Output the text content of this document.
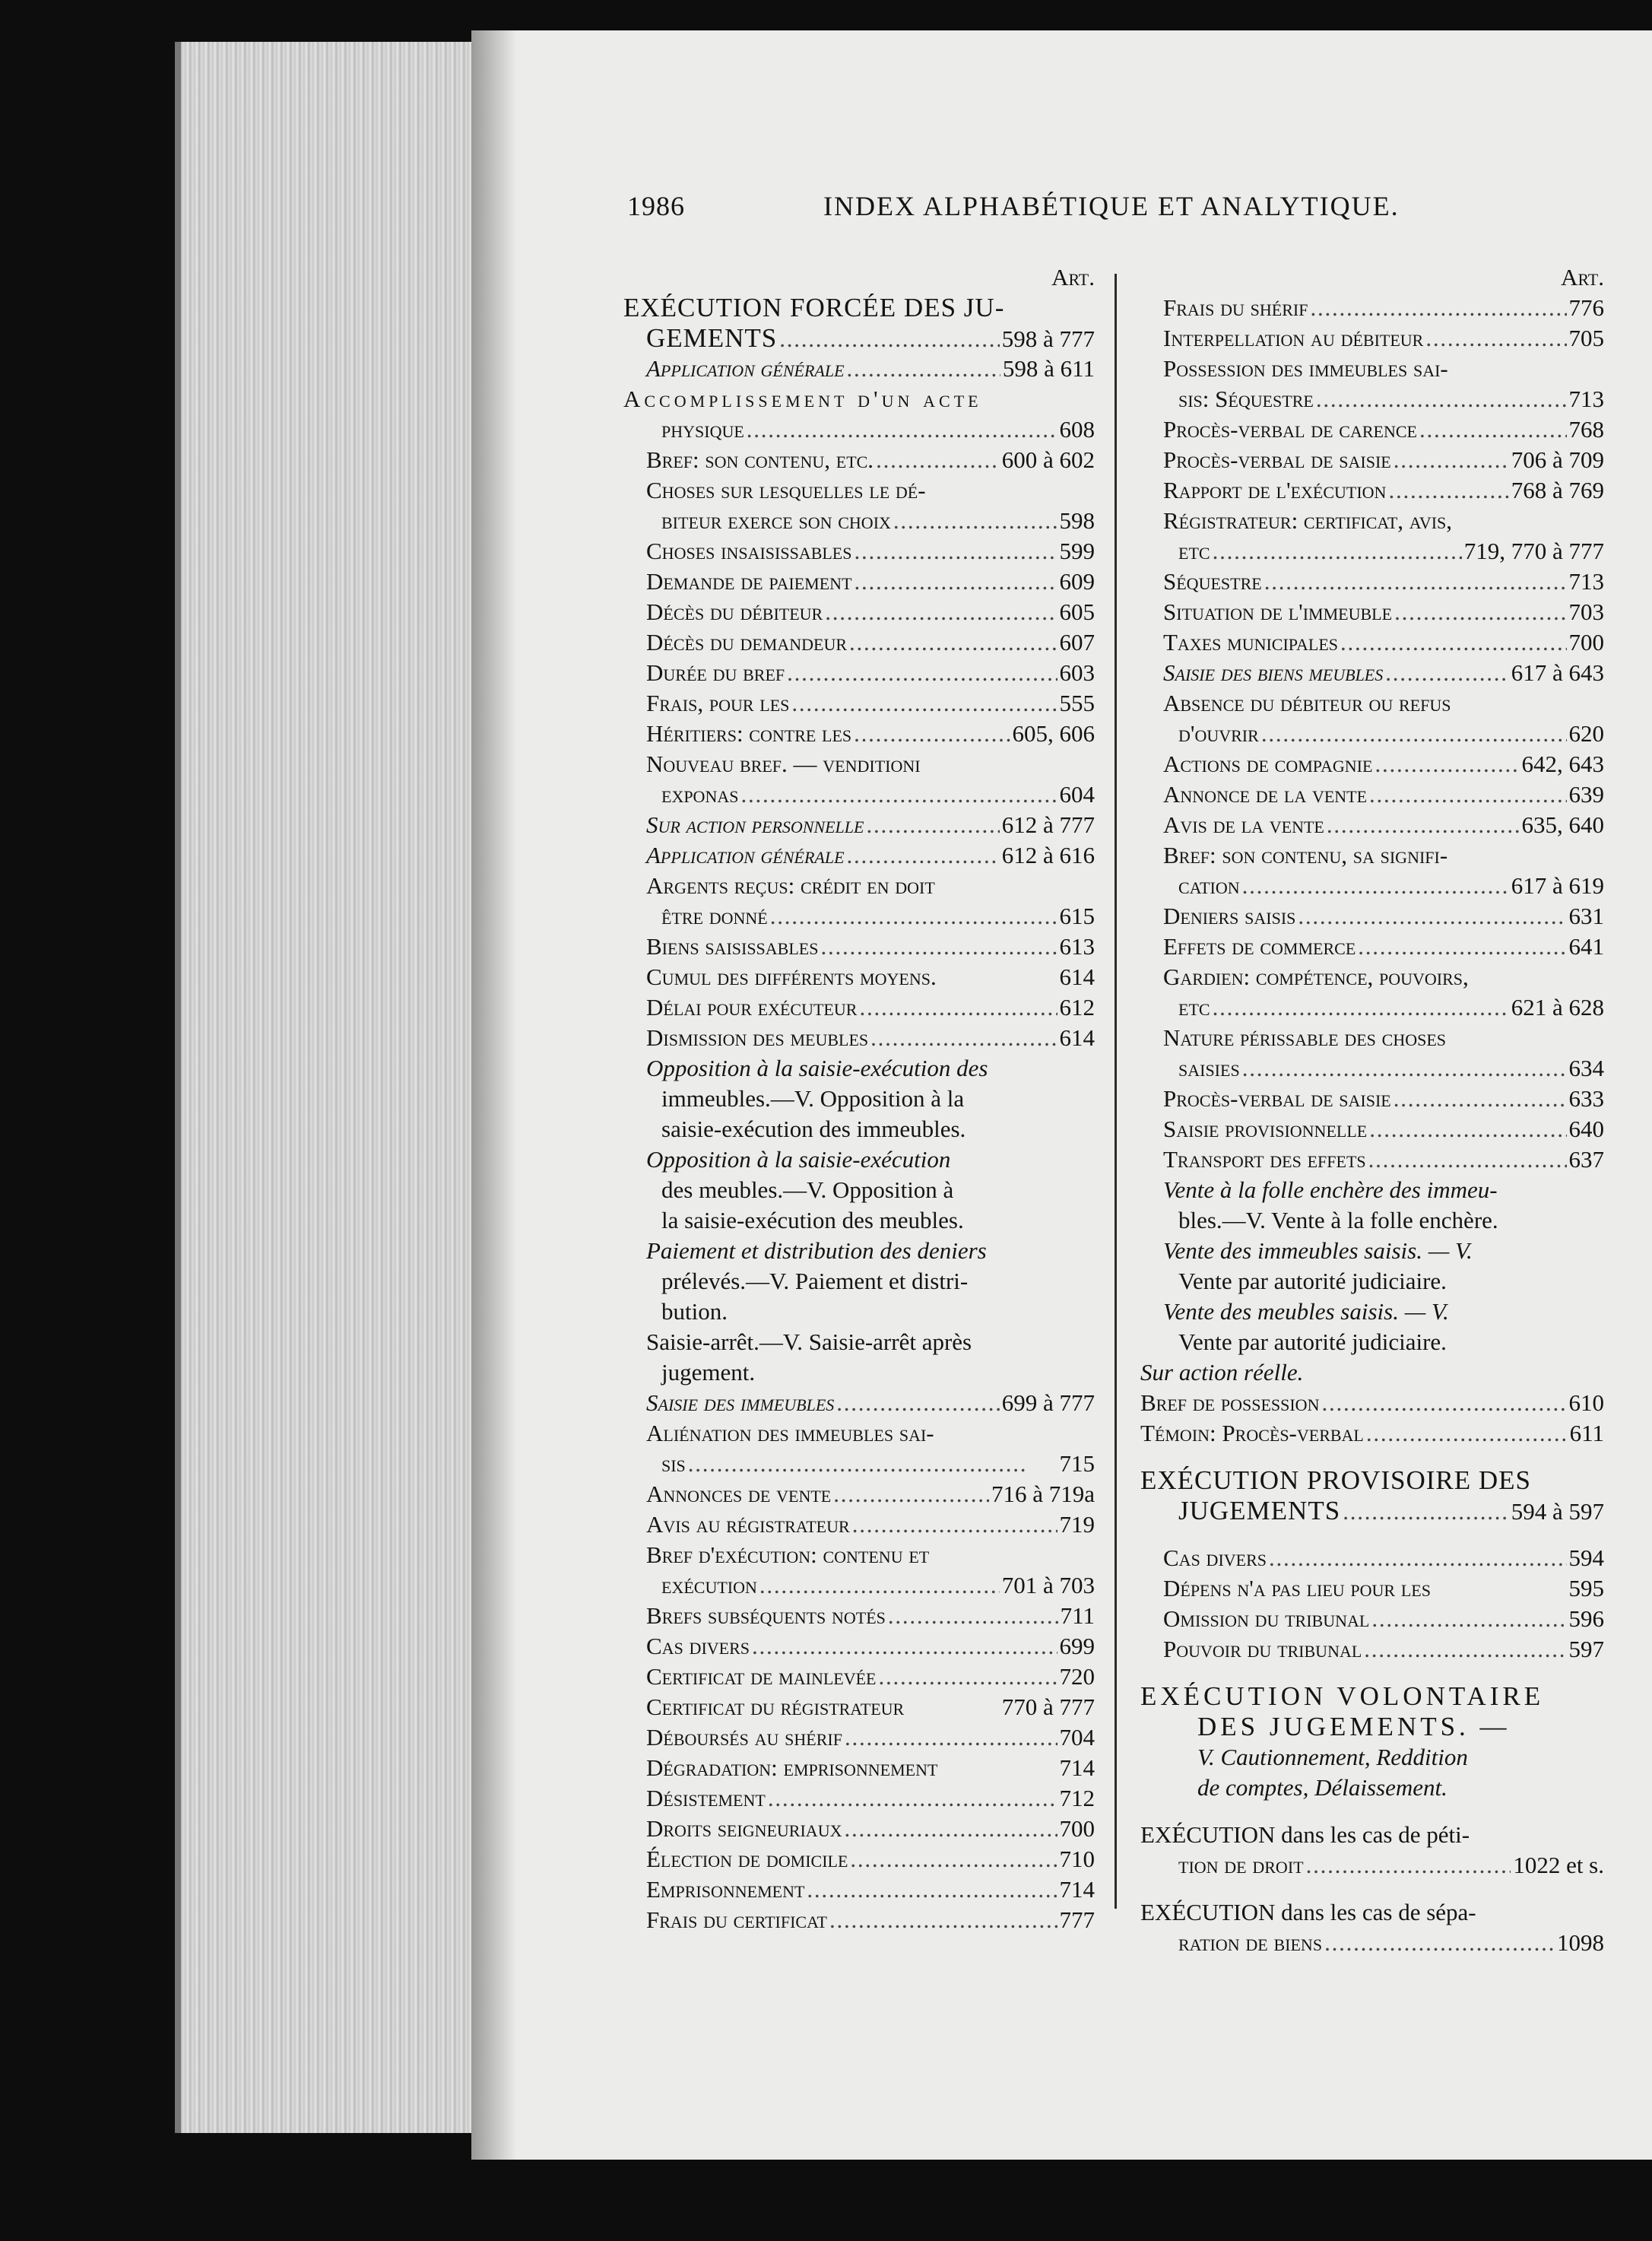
1986	INDEX ALPHABÉTIQUE ET ANALYTIQUE.
Art.
EXÉCUTION FORCÉE DES JU-
GEMENTS . . .	598 à 777
Application générale . . .	598 à 611
Accomplissement d'un acte
physique . . .	608
Bref: son contenu, etc. . . .	600 à 602
Choses sur lesquelles le dé-
biteur exerce son choix . . .	598
Choses insaisissables . . .	599
Demande de paiement . . .	609
Décès du débiteur . . .	605
Décès du demandeur . . .	607
Durée du bref . . .	603
Frais, pour les . . .	555
Héritiers: contre les . . .	605, 606
Nouveau bref. — venditioni
exponas . . .	604
Sur action personnelle . . .	612 à 777
Application générale . . .	612 à 616
Argents reçus: crédit en doit
être donné . . .	615
Biens saisissables . . .	613
Cumul des différents moyens.	614
Délai pour exécuteur . . .	612
Dismission des meubles . . .	614
Opposition à la saisie-exécution des
immeubles.—V. Opposition à la
saisie-exécution des immeubles.
Opposition à la saisie-exécution
des meubles.—V. Opposition à
la saisie-exécution des meubles.
Paiement et distribution des deniers
prélevés.—V. Paiement et distri-
bution.
Saisie-arrêt.—V. Saisie-arrêt après
jugement.
Saisie des immeubles . . .	699 à 777
Aliénation des immeubles sai-
sis . . .	715
Annonces de vente . . .	716 à 719a
Avis au régistrateur . . .	719
Bref d'exécution: contenu et
exécution . . .	701 à 703
Brefs subséquents notés . . .	711
Cas divers . . .	699
Certificat de mainlevée . . .	720
Certificat du régistrateur	770 à 777
Déboursés au shérif . . .	704
Dégradation: emprisonnement	714
Désistement . . .	712
Droits seigneuriaux . . .	700
Élection de domicile . . .	710
Emprisonnement . . .	714
Frais du certificat . . .	777
Art.
Frais du shérif . . .	776
Interpellation au débiteur . . .	705
Possession des immeubles sai-
sis: Séquestre . . .	713
Procès-verbal de carence . . .	768
Procès-verbal de saisie . . .	706 à 709
Rapport de l'exécution . . .	768 à 769
Régistrateur: certificat, avis,
etc . . .	719, 770 à 777
Séquestre . . .	713
Situation de l'immeuble . . .	703
Taxes municipales . . .	700
Saisie des biens meubles . . .	617 à 643
Absence du débiteur ou refus
d'ouvrir . . .	620
Actions de compagnie . . .	642, 643
Annonce de la vente . . .	639
Avis de la vente . . .	635, 640
Bref: son contenu, sa signifi-
cation . . .	617 à 619
Deniers saisis . . .	631
Effets de commerce . . .	641
Gardien: compétence, pouvoirs,
etc . . .	621 à 628
Nature périssable des choses
saisies . . .	634
Procès-verbal de saisie . . .	633
Saisie provisionnelle . . .	640
Transport des effets . . .	637
Vente à la folle enchère des immeu-
bles.—V. Vente à la folle enchère.
Vente des immeubles saisis. — V.
Vente par autorité judiciaire.
Vente des meubles saisis. — V.
Vente par autorité judiciaire.
Sur action réelle.
Bref de possession . . .	610
Témoin: Procès-verbal . . .	611
EXÉCUTION PROVISOIRE DES
JUGEMENTS . . .	594 à 597
Cas divers . . .	594
Dépens n'a pas lieu pour les	595
Omission du tribunal . . .	596
Pouvoir du tribunal . . .	597
EXÉCUTION VOLONTAIRE
DES JUGEMENTS. —
V. Cautionnement, Reddition
de comptes, Délaissement.
EXÉCUTION dans les cas de péti-
tion de droit . . .	1022 et s.
EXÉCUTION dans les cas de sépa-
ration de biens . . .	1098
